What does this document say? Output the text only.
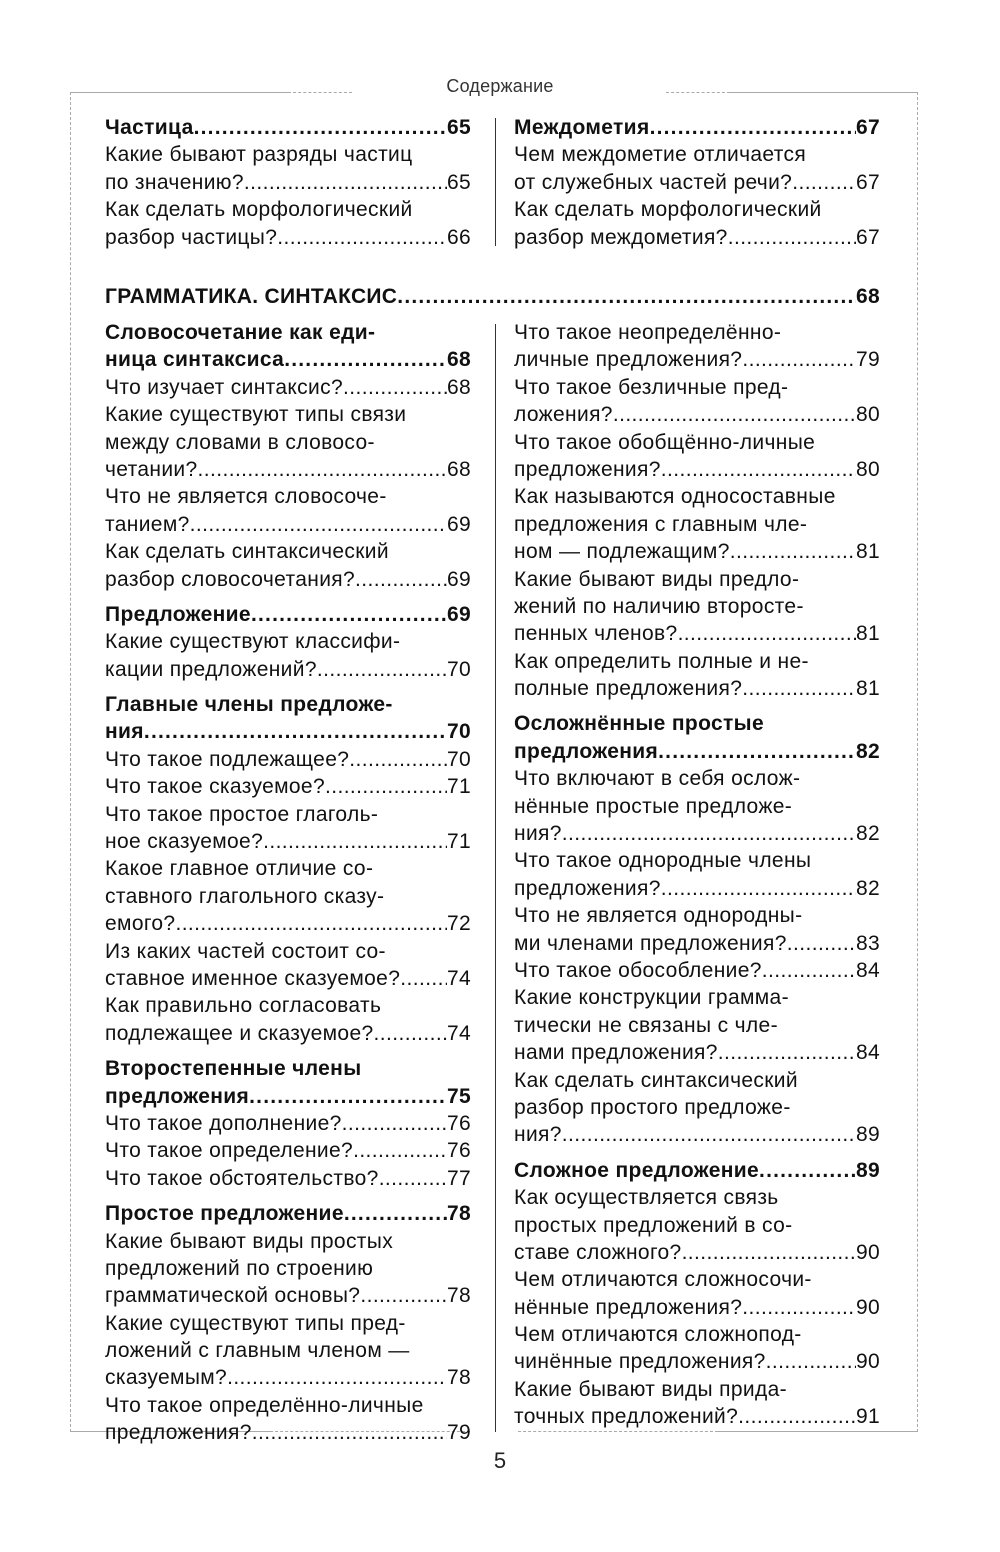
Содержание
Частица .....	65
Какие бывают разряды частиц
по значению? .....	65
Как сделать морфологический
разбор частицы? .....	66
Междометия .....	67
Чем междометие отличается
от служебных частей речи? .....	67
Как сделать морфологический
разбор междометия? .....	67
ГРАММАТИКА. СИНТАКСИС .....	68
Словосочетание как еди-
ница синтаксиса .....	68
Что изучает синтаксис? .....	68
Какие существуют типы связи
между словами в словосо-
четании? .....	68
Что не является словосоче-
танием? .....	69
Как сделать синтаксический
разбор словосочетания? .....	69
Предложение .....	69
Какие существуют классифи-
кации предложений? .....	70
Главные члены предложе-
ния .....	70
Что такое подлежащее? .....	70
Что такое сказуемое? .....	71
Что такое простое глаголь-
ное сказуемое? .....	71
Какое главное отличие со-
ставного глагольного сказу-
емого? .....	72
Из каких частей состоит со-
ставное именное сказуемое? ..... 74
Как правильно согласовать
подлежащее и сказуемое? .....	74
Второстепенные члены
предложения .....	75
Что такое дополнение? .....	76
Что такое определение? .....	76
Что такое обстоятельство? .....	77
Простое предложение .....	78
Какие бывают виды простых
предложений по строению
грамматической основы? .....	78
Какие существуют типы пред-
ложений с главным членом —
сказуемым? .....	78
Что такое определённо-личные
предложения? .....	79
Что такое неопределённо-
личные предложения? .....	79
Что такое безличные пред-
ложения? .....	80
Что такое обобщённо-личные
предложения? .....	80
Как называются односоставные
предложения с главным чле-
ном — подлежащим? .....	81
Какие бывают виды предло-
жений по наличию второсте-
пенных членов? .....	81
Как определить полные и не-
полные предложения? .....	81
Осложнённые простые
предложения .....	82
Что включают в себя ослож-
нённые простые предложе-
ния? .....	82
Что такое однородные члены
предложения? .....	82
Что не является однородны-
ми членами предложения? .....	83
Что такое обособление? .....	84
Какие конструкции грамма-
тически не связаны с чле-
нами предложения? .....	84
Как сделать синтаксический
разбор простого предложе-
ния? .....	89
Сложное предложение .....	89
Как осуществляется связь
простых предложений в со-
ставе сложного? .....	90
Чем отличаются сложносочи-
нённые предложения? .....	90
Чем отличаются сложнопод-
чинённые предложения? .....	90
Какие бывают виды прида-
точных предложений? .....	91
5
